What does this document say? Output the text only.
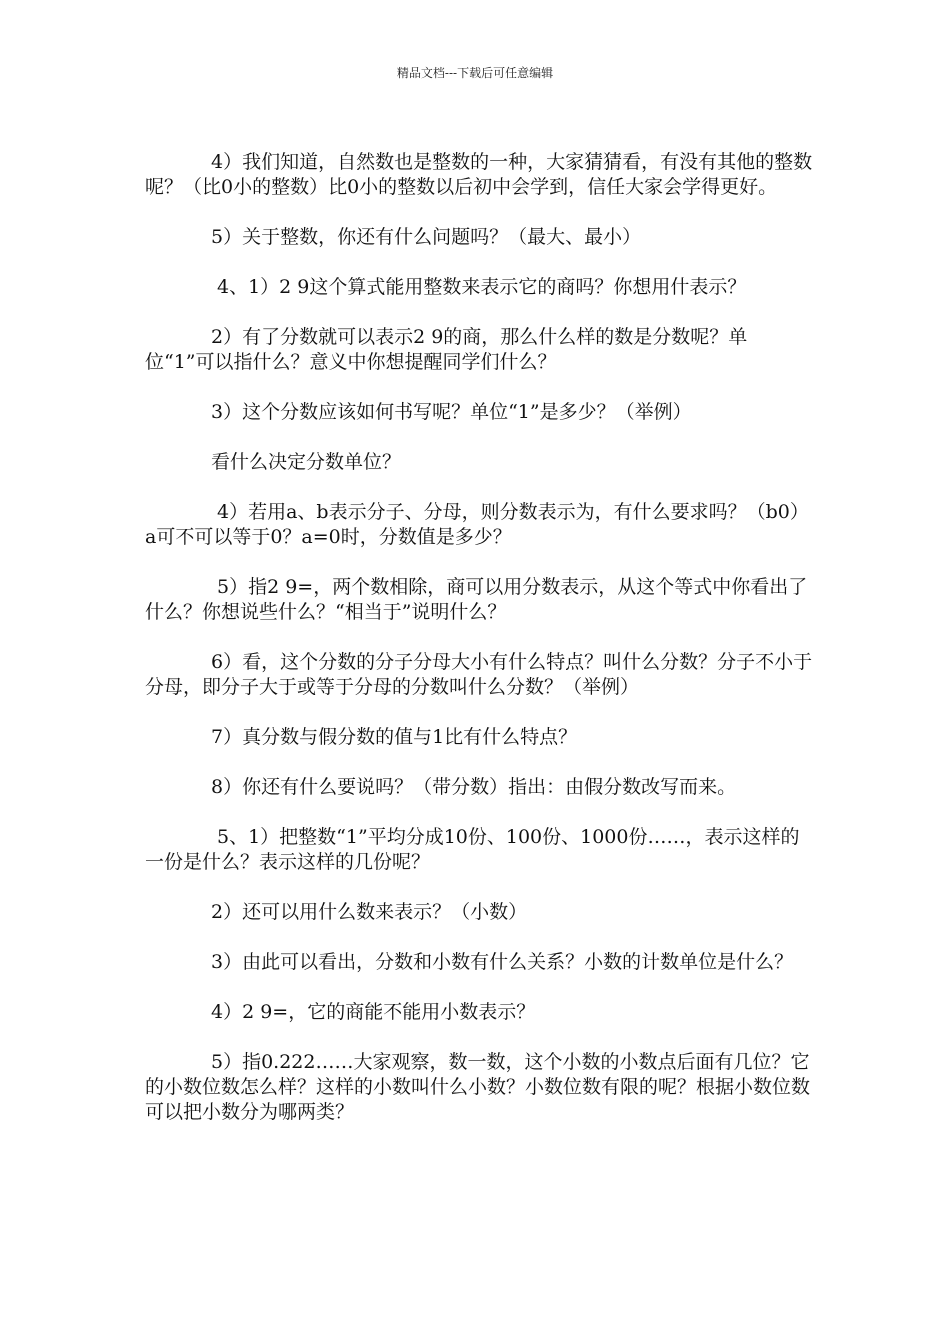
精品文档---下载后可任意编辑

4）我们知道，自然数也是整数的一种，大家猜猜看，有没有其他的整数呢？（比0小的整数）比0小的整数以后初中会学到，信任大家会学得更好。

5）关于整数，你还有什么问题吗？（最大、最小）

4、1）2 9这个算式能用整数来表示它的商吗？你想用什表示？

2）有了分数就可以表示2 9的商，那么什么样的数是分数呢？单位“1”可以指什么？意义中你想提醒同学们什么？

3）这个分数应该如何书写呢？单位“1”是多少？（举例）

看什么决定分数单位？

4）若用a、b表示分子、分母，则分数表示为，有什么要求吗？（b0）a可不可以等于0？a=0时，分数值是多少？

5）指2 9=，两个数相除，商可以用分数表示，从这个等式中你看出了什么？你想说些什么？“相当于”说明什么？

6）看，这个分数的分子分母大小有什么特点？叫什么分数？分子不小于分母，即分子大于或等于分母的分数叫什么分数？（举例）

7）真分数与假分数的值与1比有什么特点？

8）你还有什么要说吗？（带分数）指出：由假分数改写而来。

5、1）把整数“1”平均分成10份、100份、1000份……，表示这样的一份是什么？表示这样的几份呢？

2）还可以用什么数来表示？（小数）

3）由此可以看出，分数和小数有什么关系？小数的计数单位是什么？

4）2 9=，它的商能不能用小数表示？

5）指0.222……大家观察，数一数，这个小数的小数点后面有几位？它的小数位数怎么样？这样的小数叫什么小数？小数位数有限的呢？根据小数位数可以把小数分为哪两类？
